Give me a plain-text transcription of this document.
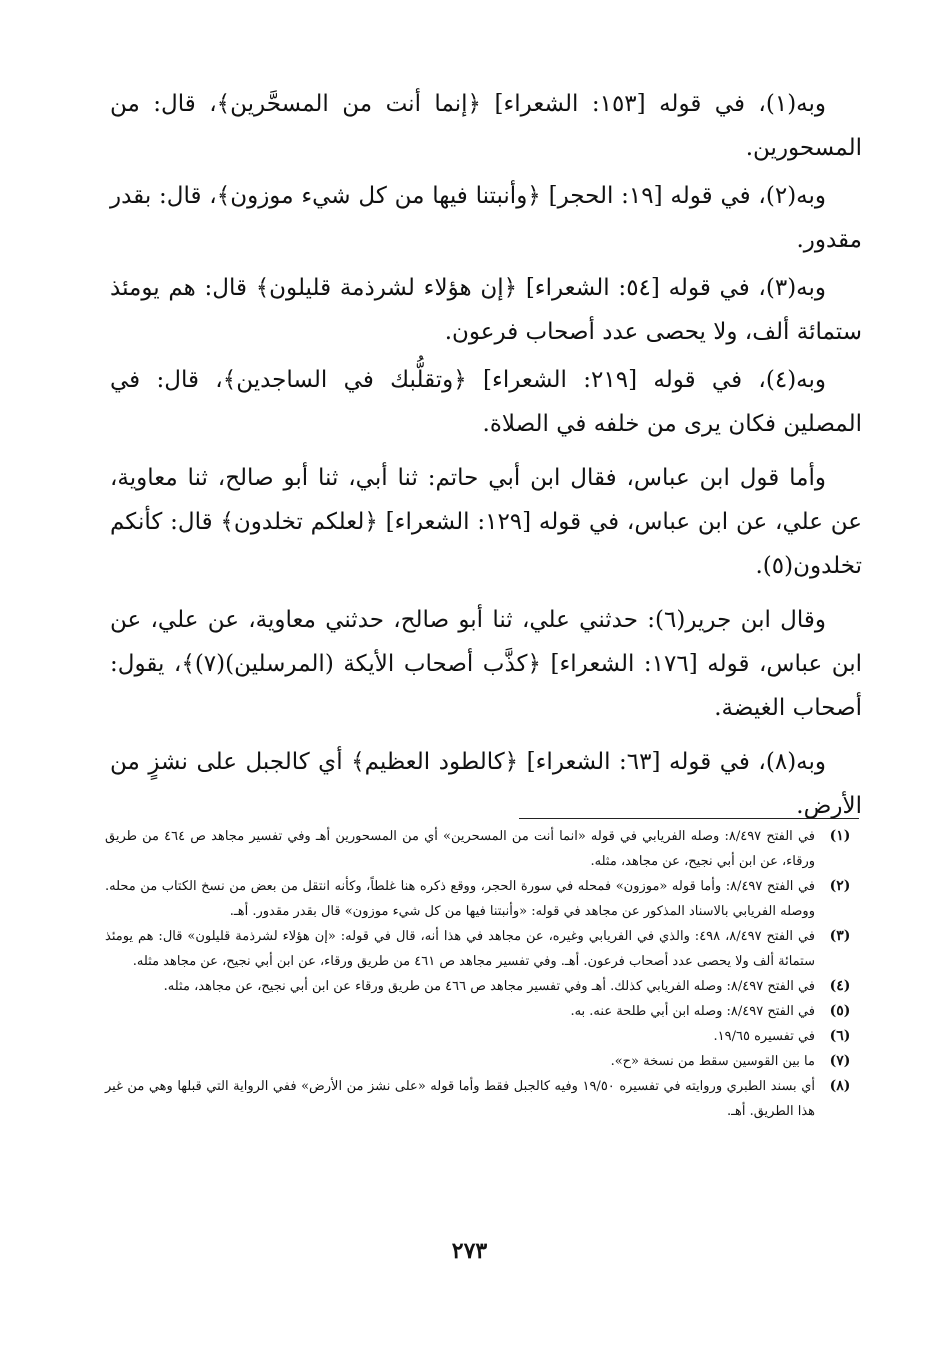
وبه(١)، في قوله [١٥٣: الشعراء] ﴿إنما أنت من المسحَّرين﴾، قال: من المسحورين.

وبه(٢)، في قوله [١٩: الحجر] ﴿وأنبتنا فيها من كل شيء موزون﴾، قال: بقدر مقدور.

وبه(٣)، في قوله [٥٤: الشعراء] ﴿إن هؤلاء لشرذمة قليلون﴾ قال: هم يومئذ ستمائة ألف، ولا يحصى عدد أصحاب فرعون.

وبه(٤)، في قوله [٢١٩: الشعراء] ﴿وتقلُّبك في الساجدين﴾، قال: في المصلين فكان يرى من خلفه في الصلاة.

وأما قول ابن عباس، فقال ابن أبي حاتم: ثنا أبي، ثنا أبو صالح، ثنا معاوية، عن علي، عن ابن عباس، في قوله [١٢٩: الشعراء] ﴿لعلكم تخلدون﴾ قال: كأنكم تخلدون(٥).

وقال ابن جرير(٦): حدثني علي، ثنا أبو صالح، حدثني معاوية، عن علي، عن ابن عباس، قوله [١٧٦: الشعراء] ﴿كذَّب أصحاب الأيكة (المرسلين)(٧)﴾، يقول: أصحاب الغيضة.

وبه(٨)، في قوله [٦٣: الشعراء] ﴿كالطود العظيم﴾ أي كالجبل على نشزٍ من الأرض.

(١)
في الفتح ٨/٤٩٧: وصله الفريابي في قوله «انما أنت من المسحرين» أي من المسحورين أهـ وفي تفسير مجاهد ص ٤٦٤ من طريق ورقاء، عن ابن أبي نجيح، عن مجاهد، مثله.
(٢)
في الفتح ٨/٤٩٧: وأما قوله «موزون» فمحله في سورة الحجر، ووقع ذكره هنا غلطاً، وكأنه انتقل من بعض من نسخ الكتاب من محله. ووصله الفريابي بالاسناد المذكور عن مجاهد في قوله: «وأنبتنا فيها من كل شيء موزون» قال بقدر مقدور. أهـ.
(٣)
في الفتح ٨/٤٩٧، ٤٩٨: والذي في الفريابي وغيره، عن مجاهد في هذا أنه، قال في قوله: «إن هؤلاء لشرذمة قليلون» قال: هم يومئذ ستمائة ألف ولا يحصى عدد أصحاب فرعون. أهـ. وفي تفسير مجاهد ص ٤٦١ من طريق ورقاء، عن ابن أبي نجيح، عن مجاهد مثله.
(٤)
في الفتح ٨/٤٩٧: وصله الفريابي كذلك. أهـ وفي تفسير مجاهد ص ٤٦٦ من طريق ورقاء عن ابن أبي نجيح، عن مجاهد، مثله.
(٥)
في الفتح ٨/٤٩٧: وصله ابن أبي طلحة عنه. به.
(٦)
في تفسيره ١٩/٦٥.
(٧)
ما بين القوسين سقط من نسخة «ح».
(٨)
أي بسند الطبري وروايته في تفسيره ١٩/٥٠ وفيه كالجبل فقط وأما قوله «على نشز من الأرض» ففي الرواية التي قبلها وهي من غير هذا الطريق. أهـ.
٢٧٣
